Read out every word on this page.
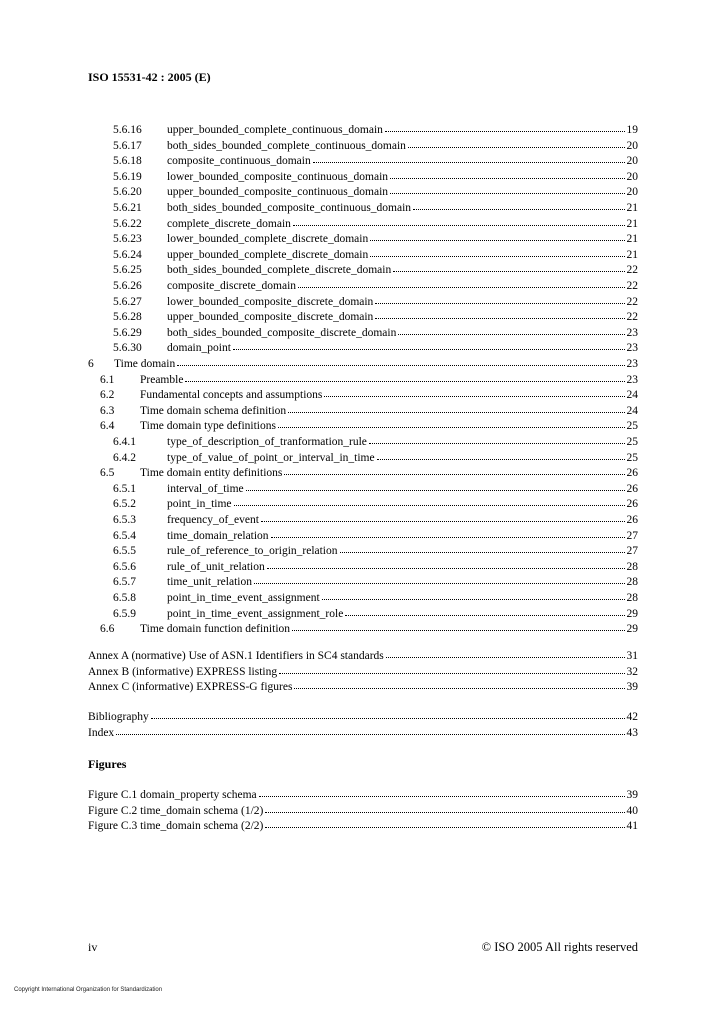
ISO 15531-42 : 2005 (E)
5.6.16	upper_bounded_complete_continuous_domain	19
5.6.17	both_sides_bounded_complete_continuous_domain	20
5.6.18	composite_continuous_domain	20
5.6.19	lower_bounded_composite_continuous_domain	20
5.6.20	upper_bounded_composite_continuous_domain	20
5.6.21	both_sides_bounded_composite_continuous_domain	21
5.6.22	complete_discrete_domain	21
5.6.23	lower_bounded_complete_discrete_domain	21
5.6.24	upper_bounded_complete_discrete_domain	21
5.6.25	both_sides_bounded_complete_discrete_domain	22
5.6.26	composite_discrete_domain	22
5.6.27	lower_bounded_composite_discrete_domain	22
5.6.28	upper_bounded_composite_discrete_domain	22
5.6.29	both_sides_bounded_composite_discrete_domain	23
5.6.30	domain_point	23
6	Time domain	23
6.1	Preamble	23
6.2	Fundamental concepts and assumptions	24
6.3	Time domain schema definition	24
6.4	Time domain type definitions	25
6.4.1	type_of_description_of_tranformation_rule	25
6.4.2	type_of_value_of_point_or_interval_in_time	25
6.5	Time domain entity definitions	26
6.5.1	interval_of_time	26
6.5.2	point_in_time	26
6.5.3	frequency_of_event	26
6.5.4	time_domain_relation	27
6.5.5	rule_of_reference_to_origin_relation	27
6.5.6	rule_of_unit_relation	28
6.5.7	time_unit_relation	28
6.5.8	point_in_time_event_assignment	28
6.5.9	point_in_time_event_assignment_role	29
6.6	Time domain function definition	29
Annex A (normative) Use of ASN.1 Identifiers in SC4 standards	31
Annex B (informative) EXPRESS listing	32
Annex C (informative) EXPRESS-G figures	39
Bibliography	42
Index	43
Figure C.1 domain_property schema	39
Figure C.2 time_domain schema (1/2)	40
Figure C.3 time_domain schema (2/2)	41
Figures
iv	© ISO 2005 All rights reserved
Copyright International Organization for Standardization
